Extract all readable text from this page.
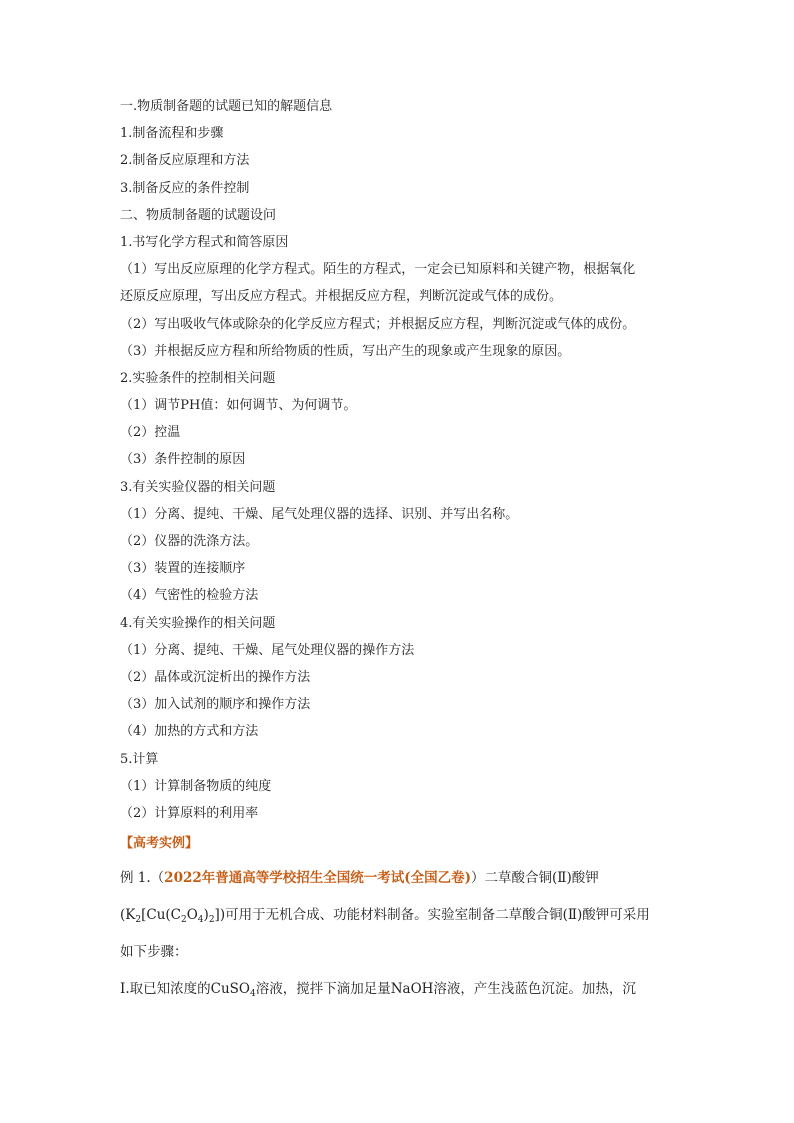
一.物质制备题的试题已知的解题信息
1.制备流程和步骤
2.制备反应原理和方法
3.制备反应的条件控制
二、物质制备题的试题设问
1.书写化学方程式和简答原因
（1）写出反应原理的化学方程式。陌生的方程式，一定会已知原料和关键产物，根据氧化
还原反应原理，写出反应方程式。并根据反应方程，判断沉淀或气体的成份。
（2）写出吸收气体或除杂的化学反应方程式；并根据反应方程，判断沉淀或气体的成份。
（3）并根据反应方程和所给物质的性质，写出产生的现象或产生现象的原因。
2.实验条件的控制相关问题
（1）调节PH值：如何调节、为何调节。
（2）控温
（3）条件控制的原因
3.有关实验仪器的相关问题
（1）分离、提纯、干燥、尾气处理仪器的选择、识别、并写出名称。
（2）仪器的洗涤方法。
（3）装置的连接顺序
（4）气密性的检验方法
4.有关实验操作的相关问题
（1）分离、提纯、干燥、尾气处理仪器的操作方法
（2）晶体或沉淀析出的操作方法
（3）加入试剂的顺序和操作方法
（4）加热的方式和方法
5.计算
（1）计算制备物质的纯度
（2）计算原料的利用率
【高考实例】
例 1.（2022年普通高等学校招生全国统一考试(全国乙卷)）二草酸合铜(Ⅱ)酸钾
$(K_2[Cu(C_2O_4)_2])$可用于无机合成、功能材料制备。实验室制备二草酸合铜(Ⅱ)酸钾可采用
如下步骤：
Ⅰ.取已知浓度的CuSO$_4$溶液，搅拌下滴加足量NaOH溶液，产生浅蓝色沉淀。加热，沉
